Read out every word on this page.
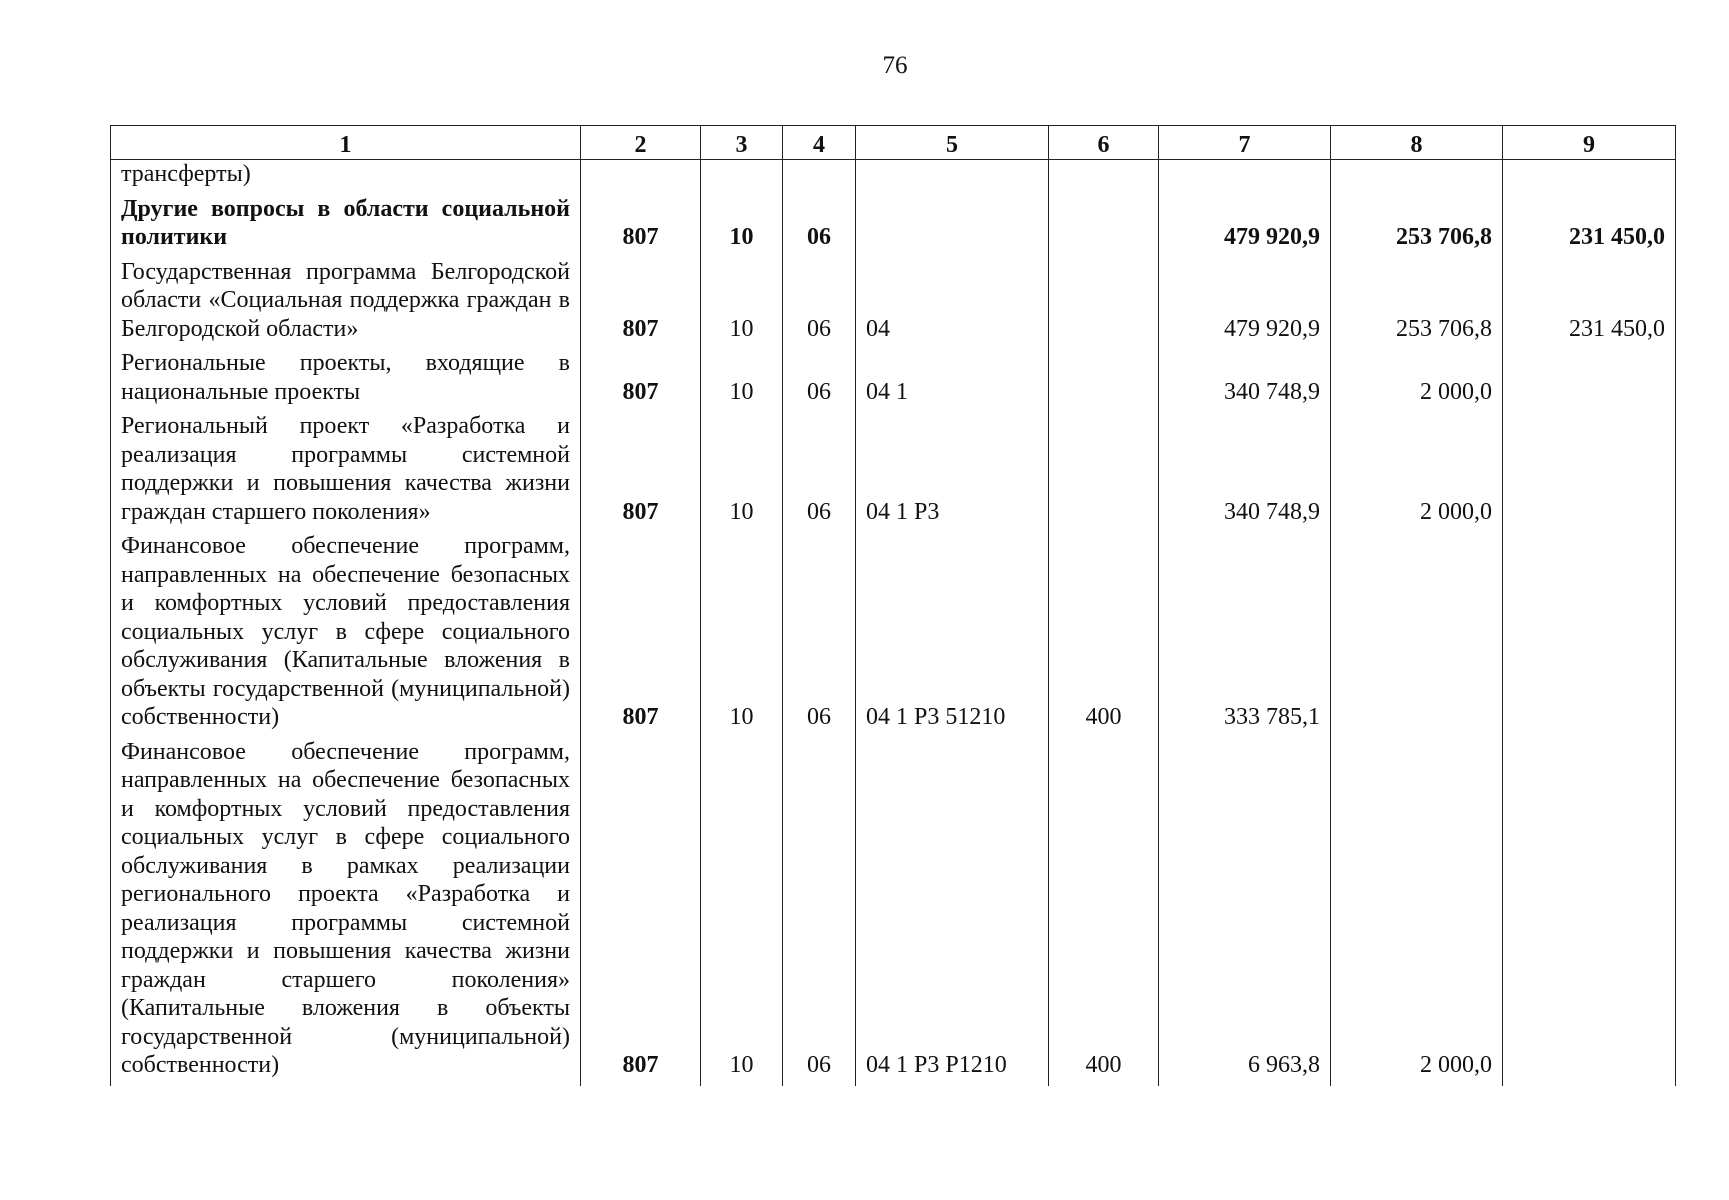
76
1	2	3	4	5	6	7	8	9
трансферты)								
Другие вопросы в области социальной политики	807	10	06			479 920,9	253 706,8	231 450,0
Государственная программа Белгородской области «Социальная поддержка граждан в Белгородской области»	807	10	06	04		479 920,9	253 706,8	231 450,0
Региональные проекты, входящие в национальные проекты	807	10	06	04 1		340 748,9	2 000,0	
Региональный проект «Разработка и реализация программы системной поддержки и повышения качества жизни граждан старшего поколения»	807	10	06	04 1 Р3		340 748,9	2 000,0	
Финансовое обеспечение программ, направленных на обеспечение безопасных и комфортных условий предоставления социальных услуг в сфере социального обслуживания (Капитальные вложения в объекты государственной (муниципальной) собственности)	807	10	06	04 1 Р3 51210	400	333 785,1		
Финансовое обеспечение программ, направленных на обеспечение безопасных и комфортных условий предоставления социальных услуг в сфере социального обслуживания в рамках реализации регионального проекта «Разработка и реализация программы системной поддержки и повышения качества жизни граждан старшего поколения» (Капитальные вложения в объекты государственной (муниципальной) собственности)	807	10	06	04 1 Р3 Р1210	400	6 963,8	2 000,0	
